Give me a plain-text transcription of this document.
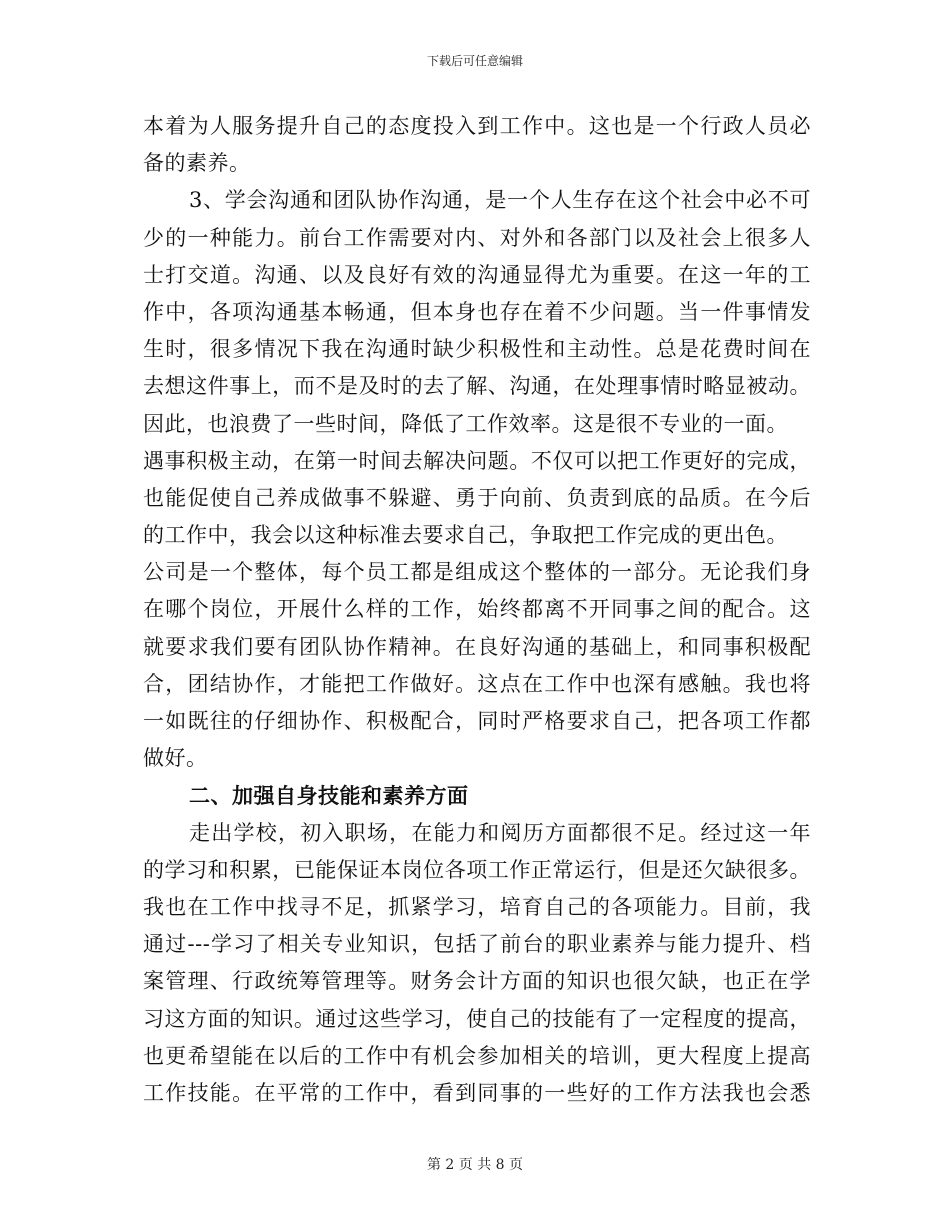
下载后可任意编辑
本着为人服务提升自己的态度投入到工作中。这也是一个行政人员必
备的素养。
3、学会沟通和团队协作沟通，是一个人生存在这个社会中必不可
少的一种能力。前台工作需要对内、对外和各部门以及社会上很多人
士打交道。沟通、以及良好有效的沟通显得尤为重要。在这一年的工
作中，各项沟通基本畅通，但本身也存在着不少问题。当一件事情发
生时，很多情况下我在沟通时缺少积极性和主动性。总是花费时间在
去想这件事上，而不是及时的去了解、沟通，在处理事情时略显被动。
因此，也浪费了一些时间，降低了工作效率。这是很不专业的一面。
遇事积极主动，在第一时间去解决问题。不仅可以把工作更好的完成，
也能促使自己养成做事不躲避、勇于向前、负责到底的品质。在今后
的工作中，我会以这种标准去要求自己，争取把工作完成的更出色。
公司是一个整体，每个员工都是组成这个整体的一部分。无论我们身
在哪个岗位，开展什么样的工作，始终都离不开同事之间的配合。这
就要求我们要有团队协作精神。在良好沟通的基础上，和同事积极配
合，团结协作，才能把工作做好。这点在工作中也深有感触。我也将
一如既往的仔细协作、积极配合，同时严格要求自己，把各项工作都
做好。
二、加强自身技能和素养方面
走出学校，初入职场，在能力和阅历方面都很不足。经过这一年
的学习和积累，已能保证本岗位各项工作正常运行，但是还欠缺很多。
我也在工作中找寻不足，抓紧学习，培育自己的各项能力。目前，我
通过---学习了相关专业知识，包括了前台的职业素养与能力提升、档
案管理、行政统筹管理等。财务会计方面的知识也很欠缺，也正在学
习这方面的知识。通过这些学习，使自己的技能有了一定程度的提高，
也更希望能在以后的工作中有机会参加相关的培训，更大程度上提高
工作技能。在平常的工作中，看到同事的一些好的工作方法我也会悉
第 2 页 共 8 页
